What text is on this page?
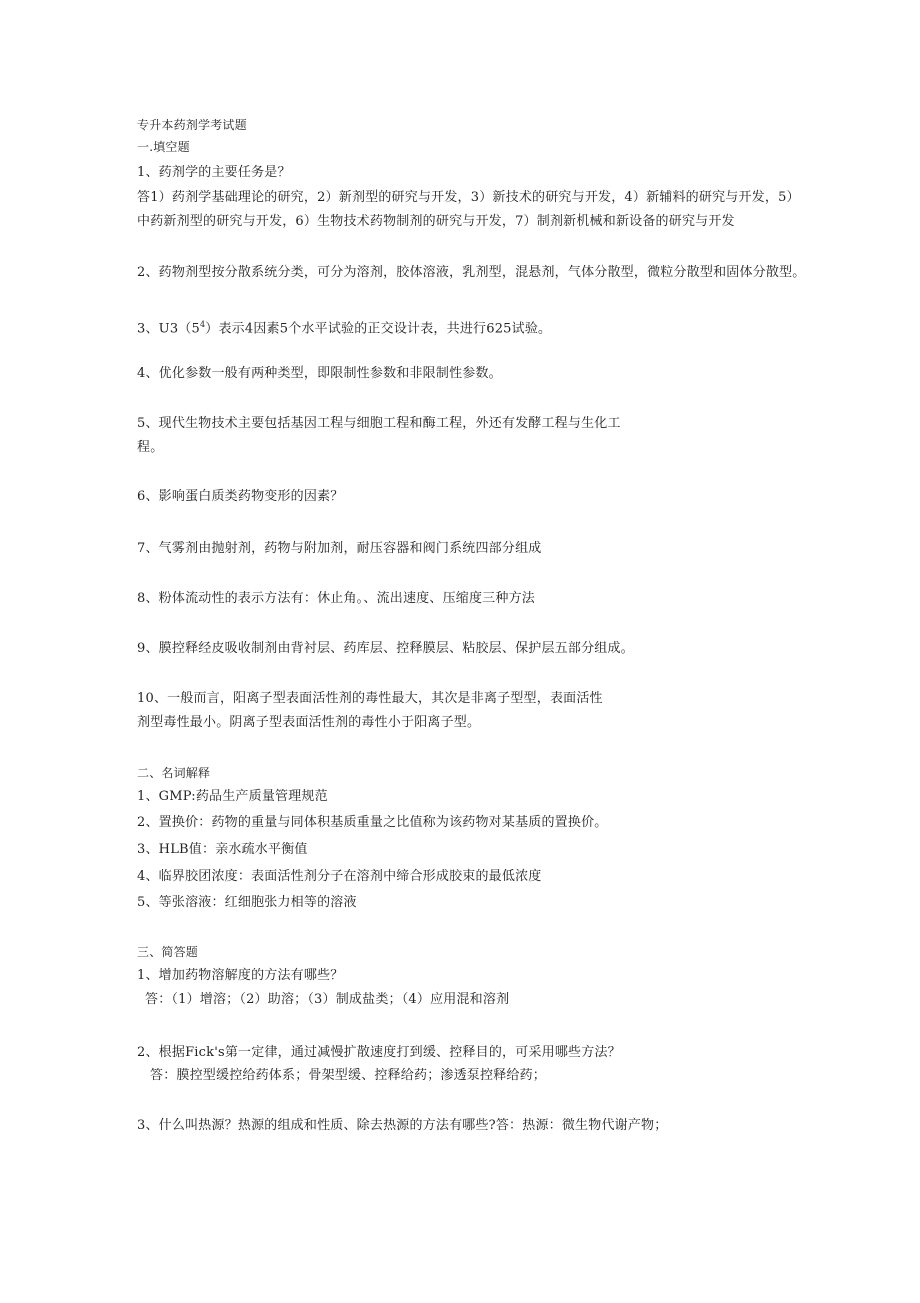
专升本药剂学考试题
一.填空题
1、药剂学的主要任务是？
答1）药剂学基础理论的研究，2）新剂型的研究与开发，3）新技术的研究与开发，4）新辅料的研究与开发，5）
中药新剂型的研究与开发，6）生物技术药物制剂的研究与开发，7）制剂新机械和新设备的研究与开发
2、药物剂型按分散系统分类，可分为溶剂，胶体溶液，乳剂型，混悬剂，气体分散型，微粒分散型和固体分散型。
3、$U3(5^4)$表示4因素5个水平试验的正交设计表，共进行625试验。
4、优化参数一般有两种类型，即限制性参数和非限制性参数。
5、现代生物技术主要包括基因工程与细胞工程和酶工程，外还有发酵工程与生化工
程。
6、影响蛋白质类药物变形的因素？
7、气雾剂由抛射剂，药物与附加剂，耐压容器和阀门系统四部分组成
8、粉体流动性的表示方法有：休止角。、流出速度、压缩度三种方法
9、膜控释经皮吸收制剂由背衬层、药库层、控释膜层、粘胶层、保护层五部分组成。
10、一般而言，阳离子型表面活性剂的毒性最大，其次是非离子型型，表面活性
剂型毒性最小。阴离子型表面活性剂的毒性小于阳离子型。
二、名词解释
1、GMP:药品生产质量管理规范
2、置换价：药物的重量与同体积基质重量之比值称为该药物对某基质的置换价。
3、HLB值：亲水疏水平衡值
4、临界胶团浓度：表面活性剂分子在溶剂中缔合形成胶束的最低浓度
5、等张溶液：红细胞张力相等的溶液
三、简答题
1、增加药物溶解度的方法有哪些？
答：（1）增溶；（2）助溶；（3）制成盐类；（4）应用混和溶剂
2、根据Fick's第一定律，通过减慢扩散速度打到缓、控释目的，可采用哪些方法？
答：膜控型缓控给药体系；骨架型缓、控释给药；渗透泵控释给药；
3、什么叫热源？热源的组成和性质、除去热源的方法有哪些?答：热源：微生物代谢产物；
